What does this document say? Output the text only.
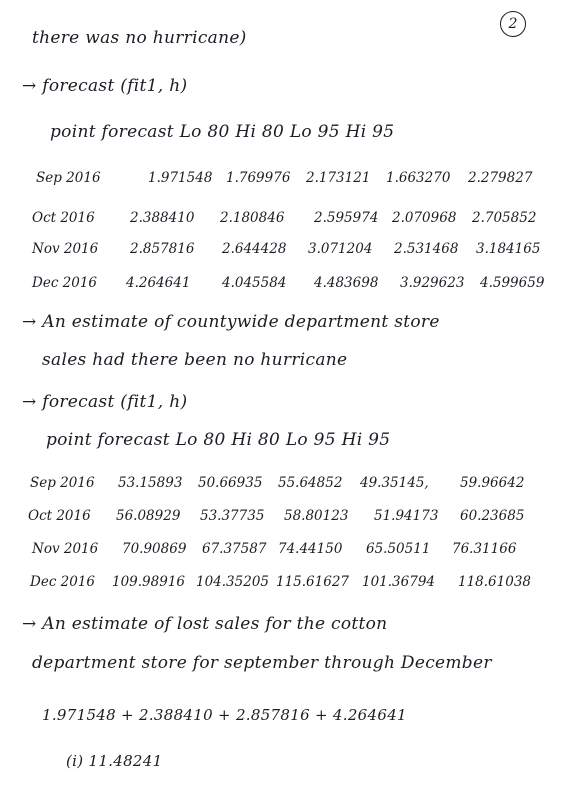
2
there was no hurricane)
→ forecast (fit1, h)
point forecast Lo 80 Hi 80 Lo 95 Hi 95
Sep 2016	1.971548 1.769976 2.173121 1.663270 2.279827
Oct 2016	2.388410 2.180846 2.595974 2.070968 2.705852
Nov 2016 2.857816 2.644428 3.071204 2.531468 3.184165
Dec 2016 4.264641 4.045584 4.483698 3.929623 4.599659
→ An estimate of countywide department store
sales had there been no hurricane
→ forecast (fit1, h)
point forecast Lo 80 Hi 80 Lo 95 Hi 95
Sep 2016 53.15893 50.66935 55.64852 49.35145, 59.96642
Oct 2016 56.08929 53.37735 58.80123 51.94173 60.23685
Nov 2016 70.90869 67.37587 74.44150 65.50511 76.31166
Dec 2016 109.98916 104.35205 115.61627 101.36794 118.61038
→ An estimate of lost sales for the cotton
department store for september through December
1.971548 + 2.388410 + 2.857816 + 4.264641
(i) 11.48241
